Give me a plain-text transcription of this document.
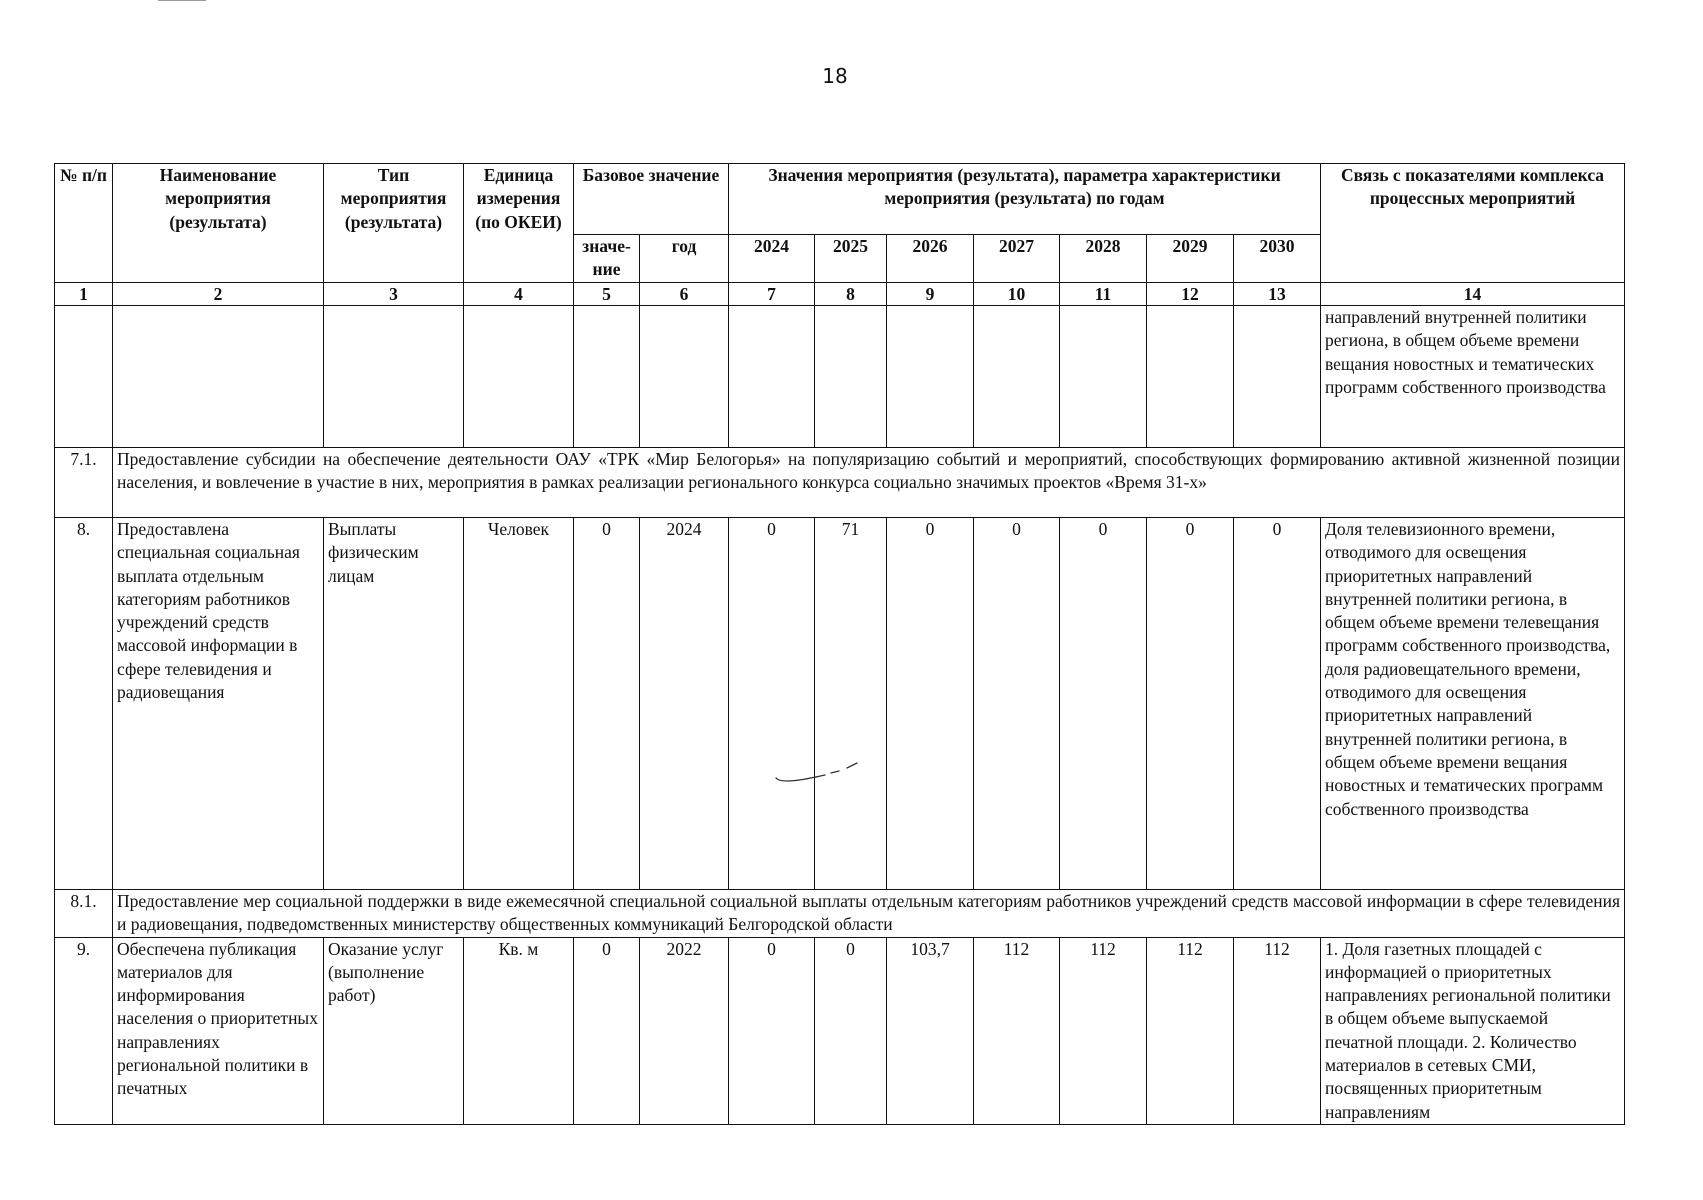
18
№ п/п	Наименование мероприятия (результата)	Тип мероприятия (результата)	Единица измерения (по ОКЕИ)	Базовое значение		Значения мероприятия (результата), параметра характеристики мероприятия (результата) по годам							Связь с показателями комплекса процессных мероприятий
				значе-ние	год	2024	2025	2026	2027	2028	2029	2030	
1	2	3	4	5	6	7	8	9	10	11	12	13	14
													направлений внутренней политики региона, в общем объеме времени вещания новостных и тематических программ собственного производства
7.1.	Предоставление субсидии на обеспечение деятельности ОАУ «ТРК «Мир Белогорья» на популяризацию событий и мероприятий, способствующих формированию активной жизненной позиции населения, и вовлечение в участие в них, мероприятия в рамках реализации регионального конкурса социально значимых проектов «Время 31-х»												
8.	Предоставлена специальная социальная выплата отдельным категориям работников учреждений средств массовой информации в сфере телевидения и радиовещания	Выплаты физическим лицам	Человек	0	2024	0	71	0	0	0	0	0	Доля телевизионного времени, отводимого для освещения приоритетных направлений внутренней политики региона, в общем объеме времени телевещания программ собственного производства, доля радиовещательного времени, отводимого для освещения приоритетных направлений внутренней политики региона, в общем объеме времени вещания новостных и тематических программ собственного производства
8.1.	Предоставление мер социальной поддержки в виде ежемесячной специальной социальной выплаты отдельным категориям работников учреждений средств массовой информации в сфере телевидения и радиовещания, подведомственных министерству общественных коммуникаций Белгородской области												
9.	Обеспечена публикация материалов для информирования населения о приоритетных направлениях региональной политики в печатных	Оказание услуг (выполнение работ)	Кв. м	0	2022	0	0	103,7	112	112	112	112	1. Доля газетных площадей с информацией о приоритетных направлениях региональной политики в общем объеме выпускаемой печатной площади. 2. Количество материалов в сетевых СМИ, посвященных приоритетным направлениям
